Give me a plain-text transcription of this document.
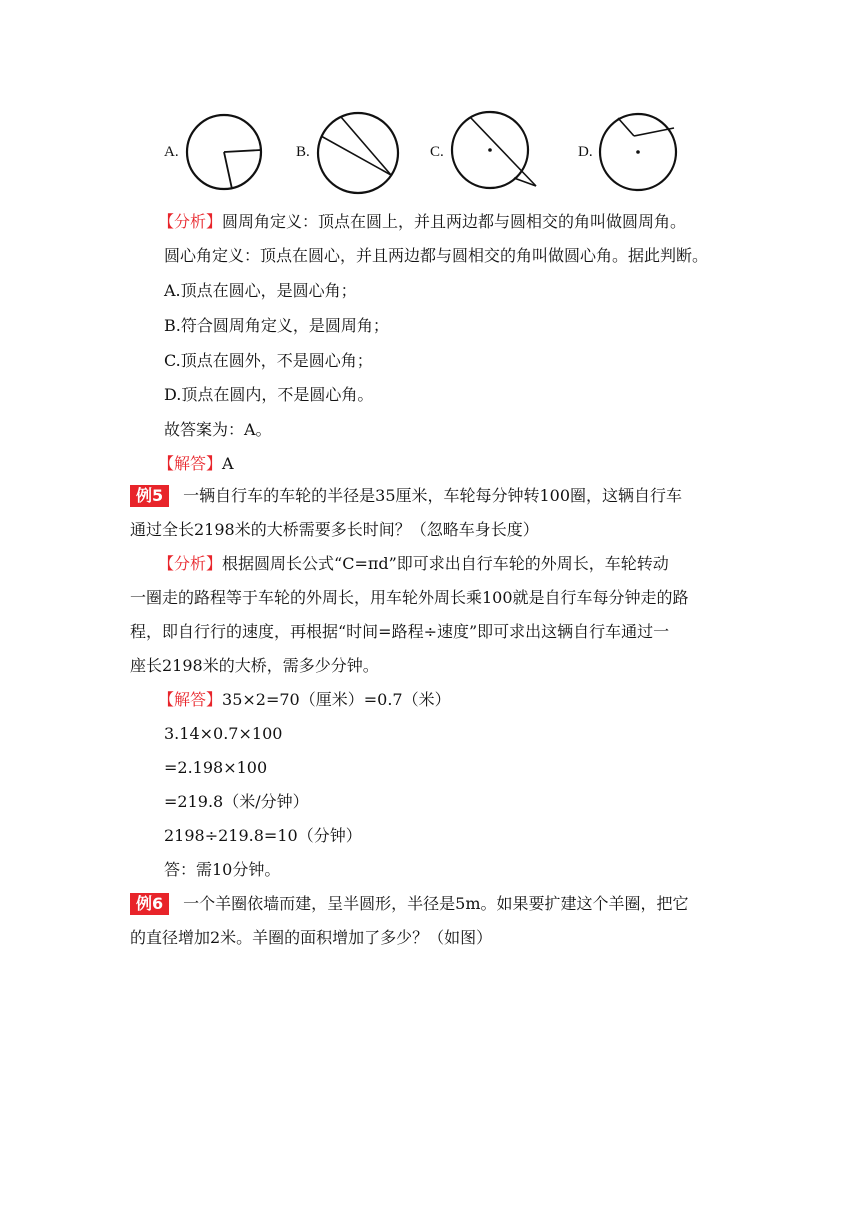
A.	B.	C.	D.
【分析】圆周角定义：顶点在圆上，并且两边都与圆相交的角叫做圆周角。
圆心角定义：顶点在圆心，并且两边都与圆相交的角叫做圆心角。据此判断。
A.顶点在圆心，是圆心角；
B.符合圆周角定义，是圆周角；
C.顶点在圆外，不是圆心角；
D.顶点在圆内，不是圆心角。
故答案为：A。
【解答】A
例5 一辆自行车的车轮的半径是35厘米，车轮每分钟转100圈，这辆自行车
通过全长2198米的大桥需要多长时间？（忽略车身长度）
【分析】根据圆周长公式“C=πd”即可求出自行车轮的外周长，车轮转动
一圈走的路程等于车轮的外周长，用车轮外周长乘100就是自行车每分钟走的路
程，即自行行的速度，再根据“时间=路程÷速度”即可求出这辆自行车通过一
座长2198米的大桥，需多少分钟。
【解答】35×2=70（厘米）=0.7（米）
3.14×0.7×100
=2.198×100
=219.8（米/分钟）
2198÷219.8=10（分钟）
答：需10分钟。
例6 一个羊圈依墙而建，呈半圆形，半径是5m。如果要扩建这个羊圈，把它
的直径增加2米。羊圈的面积增加了多少？（如图）
